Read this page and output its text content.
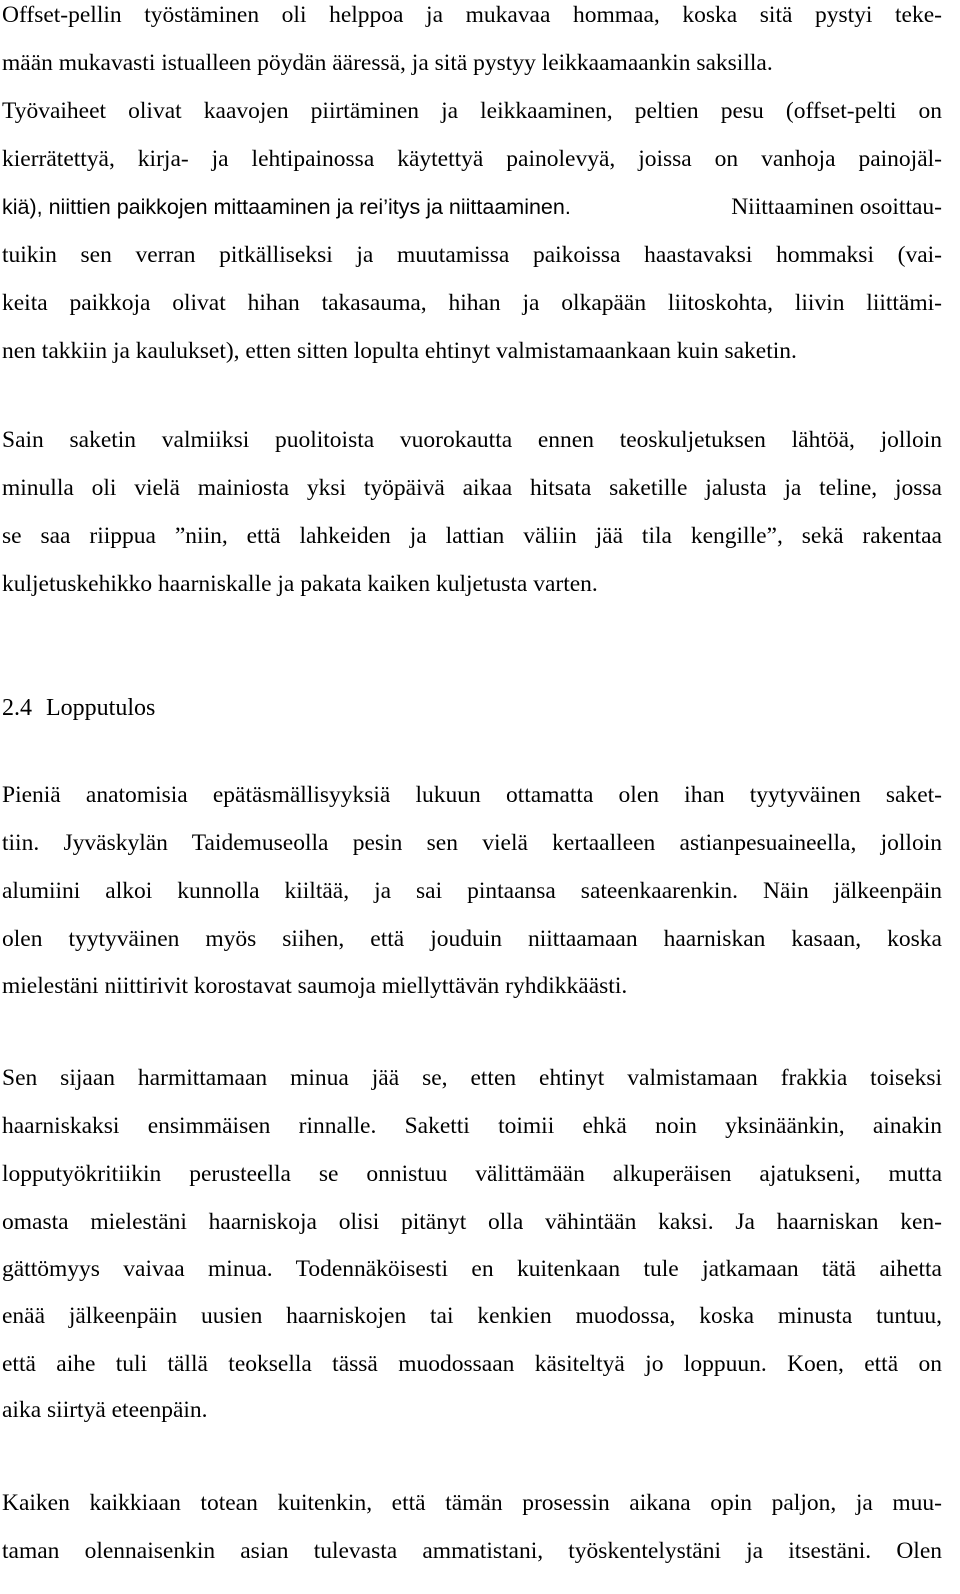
Offset-pellin työstäminen oli helppoa ja mukavaa hommaa, koska sitä pystyi teke-
mään mukavasti istualleen pöydän ääressä, ja sitä pystyy leikkaamaankin saksilla.
Työvaiheet olivat kaavojen piirtäminen ja leikkaaminen, peltien pesu (offset-pelti on
kierrätettyä, kirja- ja lehtipainossa käytettyä painolevyä, joissa on vanhoja painojäl-
kiä), niittien paikkojen mittaaminen ja rei’itys ja niittaaminen.	Niittaaminen osoittau-
tuikin sen verran pitkälliseksi ja muutamissa paikoissa haastavaksi hommaksi (vai-
keita paikkoja olivat hihan takasauma, hihan ja olkapään liitoskohta, liivin liittämi-
nen takkiin ja kaulukset), etten sitten lopulta ehtinyt valmistamaankaan kuin saketin.
Sain saketin valmiiksi puolitoista vuorokautta ennen teoskuljetuksen lähtöä, jolloin
minulla oli vielä mainiosta yksi työpäivä aikaa hitsata saketille jalusta ja teline, jossa
se saa riippua ”niin, että lahkeiden ja lattian väliin jää tila kengille”, sekä rakentaa
kuljetuskehikko haarniskalle ja pakata kaiken kuljetusta varten.
2.4 Lopputulos
Pieniä anatomisia epätäsmällisyyksiä lukuun ottamatta olen ihan tyytyväinen saket-
tiin. Jyväskylän Taidemuseolla pesin sen vielä kertaalleen astianpesuaineella, jolloin
alumiini alkoi kunnolla kiiltää, ja sai pintaansa sateenkaarenkin. Näin jälkeenpäin
olen tyytyväinen myös siihen, että jouduin niittaamaan haarniskan kasaan, koska
mielestäni niittirivit korostavat saumoja miellyttävän ryhdikkäästi.
Sen sijaan harmittamaan minua jää se, etten ehtinyt valmistamaan frakkia toiseksi
haarniskaksi ensimmäisen rinnalle. Saketti toimii ehkä noin yksinäänkin, ainakin
lopputyökritiikin perusteella se onnistuu välittämään alkuperäisen ajatukseni, mutta
omasta mielestäni haarniskoja olisi pitänyt olla vähintään kaksi. Ja haarniskan ken-
gättömyys vaivaa minua. Todennäköisesti en kuitenkaan tule jatkamaan tätä aihetta
enää jälkeenpäin uusien haarniskojen tai kenkien muodossa, koska minusta tuntuu,
että aihe tuli tällä teoksella tässä muodossaan käsiteltyä jo loppuun. Koen, että on
aika siirtyä eteenpäin.
Kaiken kaikkiaan totean kuitenkin, että tämän prosessin aikana opin paljon, ja muu-
taman olennaisenkin asian tulevasta ammatistani, työskentelystäni ja itsestäni. Olen
